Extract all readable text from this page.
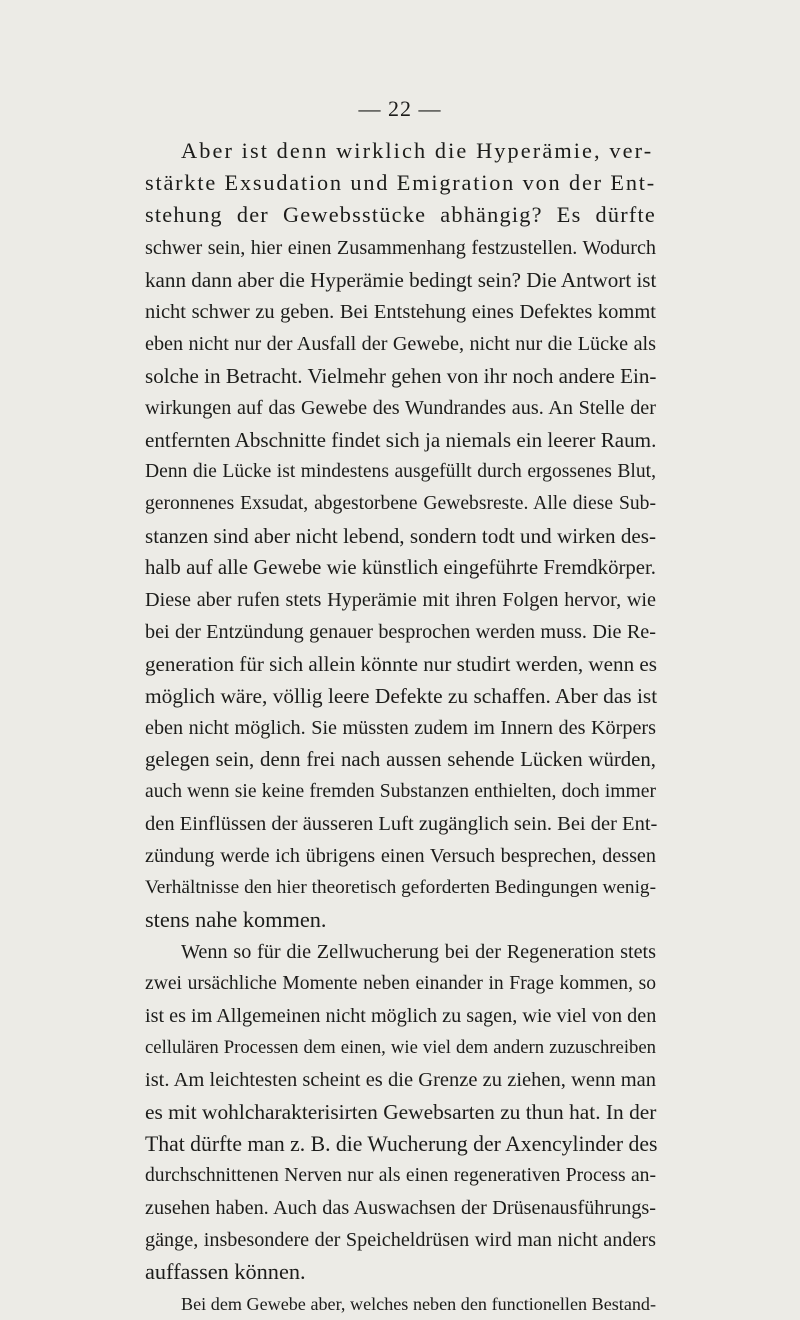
— 22 —
Aber ist denn wirklich die Hyperämie, ver-
stärkte Exsudation und Emigration von der Ent-
stehung der Gewebsstücke abhängig? Es dürfte
schwer sein, hier einen Zusammenhang festzustellen. Wodurch
kann dann aber die Hyperämie bedingt sein? Die Antwort ist
nicht schwer zu geben. Bei Entstehung eines Defektes kommt
eben nicht nur der Ausfall der Gewebe, nicht nur die Lücke als
solche in Betracht. Vielmehr gehen von ihr noch andere Ein-
wirkungen auf das Gewebe des Wundrandes aus. An Stelle der
entfernten Abschnitte findet sich ja niemals ein leerer Raum.
Denn die Lücke ist mindestens ausgefüllt durch ergossenes Blut,
geronnenes Exsudat, abgestorbene Gewebsreste. Alle diese Sub-
stanzen sind aber nicht lebend, sondern todt und wirken des-
halb auf alle Gewebe wie künstlich eingeführte Fremdkörper.
Diese aber rufen stets Hyperämie mit ihren Folgen hervor, wie
bei der Entzündung genauer besprochen werden muss. Die Re-
generation für sich allein könnte nur studirt werden, wenn es
möglich wäre, völlig leere Defekte zu schaffen. Aber das ist
eben nicht möglich. Sie müssten zudem im Innern des Körpers
gelegen sein, denn frei nach aussen sehende Lücken würden,
auch wenn sie keine fremden Substanzen enthielten, doch immer
den Einflüssen der äusseren Luft zugänglich sein. Bei der Ent-
zündung werde ich übrigens einen Versuch besprechen, dessen
Verhältnisse den hier theoretisch geforderten Bedingungen wenig-
stens nahe kommen.
Wenn so für die Zellwucherung bei der Regeneration stets
zwei ursächliche Momente neben einander in Frage kommen, so
ist es im Allgemeinen nicht möglich zu sagen, wie viel von den
cellulären Processen dem einen, wie viel dem andern zuzuschreiben
ist. Am leichtesten scheint es die Grenze zu ziehen, wenn man
es mit wohlcharakterisirten Gewebsarten zu thun hat. In der
That dürfte man z. B. die Wucherung der Axencylinder des
durchschnittenen Nerven nur als einen regenerativen Process an-
zusehen haben. Auch das Auswachsen der Drüsenausführungs-
gänge, insbesondere der Speicheldrüsen wird man nicht anders
auffassen können.
Bei dem Gewebe aber, welches neben den functionellen Bestand-
